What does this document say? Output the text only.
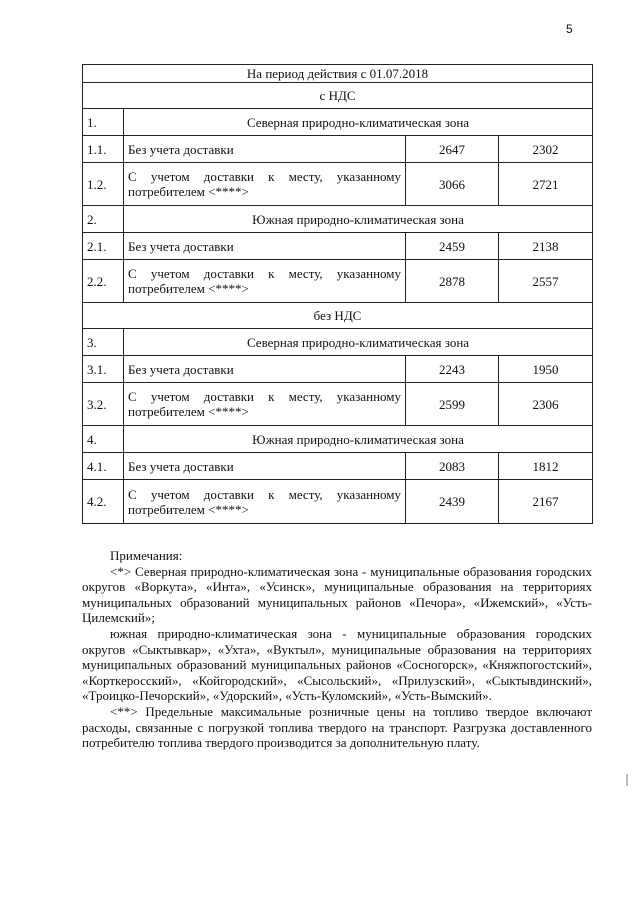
5
На период действия с 01.07.2018			
с НДС			
1.	Северная природно-климатическая зона		
1.1.	Без учета доставки	2647	2302
1.2.	С учетом доставки к месту, указанному потребителем <****>	3066	2721
2.	Южная природно-климатическая зона		
2.1.	Без учета доставки	2459	2138
2.2.	С учетом доставки к месту, указанному потребителем <****>	2878	2557
без НДС			
3.	Северная природно-климатическая зона		
3.1.	Без учета доставки	2243	1950
3.2.	С учетом доставки к месту, указанному потребителем <****>	2599	2306
4.	Южная природно-климатическая зона		
4.1.	Без учета доставки	2083	1812
4.2.	С учетом доставки к месту, указанному потребителем <****>	2439	2167

Примечания:

<*> Северная природно-климатическая зона - муниципальные образования городских округов «Воркута», «Инта», «Усинск», муниципальные образования на территориях муниципальных образований муниципальных районов «Печора», «Ижемский», «Усть-Цилемский»;

южная природно-климатическая зона - муниципальные образования городских округов «Сыктывкар», «Ухта», «Вуктыл», муниципальные образования на территориях муниципальных образований муниципальных районов «Сосногорск», «Княжпогостский», «Корткеросский», «Койгородский», «Сысольский», «Прилузский», «Сыктывдинский», «Троицко-Печорский», «Удорский», «Усть-Куломский», «Усть-Вымский».

<**> Предельные максимальные розничные цены на топливо твердое включают расходы, связанные с погрузкой топлива твердого на транспорт. Разгрузка доставленного потребителю топлива твердого производится за дополнительную плату.
